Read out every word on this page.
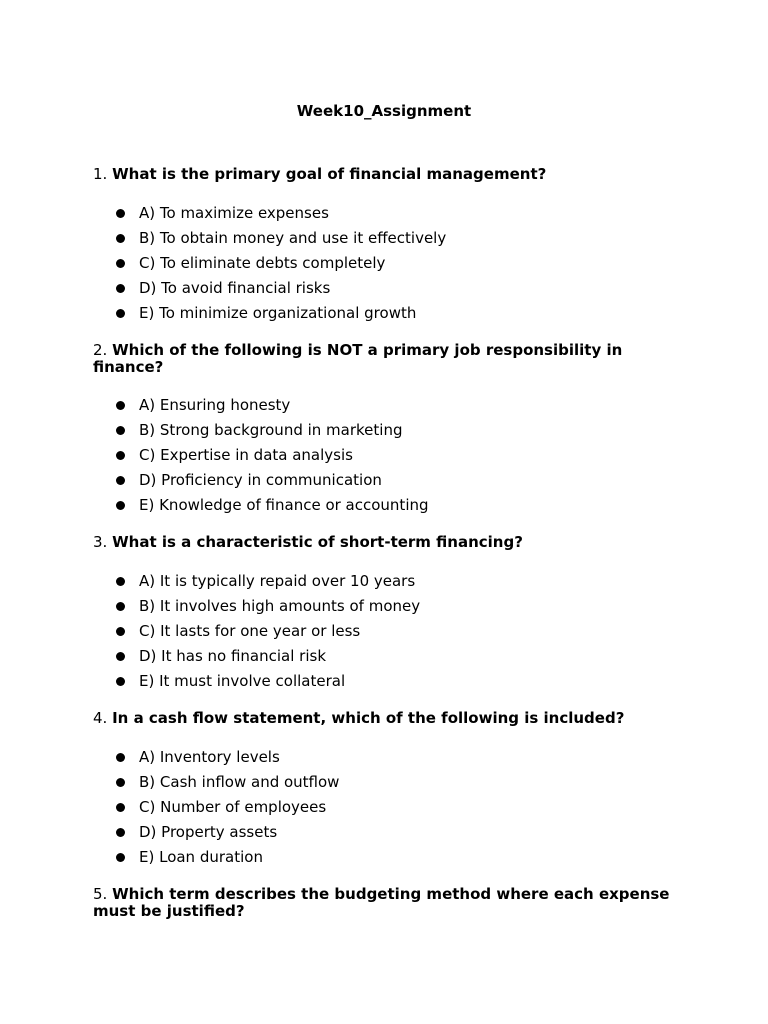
Week10_Assignment
1. What is the primary goal of financial management?
A) To maximize expenses
B) To obtain money and use it effectively
C) To eliminate debts completely
D) To avoid financial risks
E) To minimize organizational growth
2. Which of the following is NOT a primary job responsibility in finance?
A) Ensuring honesty
B) Strong background in marketing
C) Expertise in data analysis
D) Proficiency in communication
E) Knowledge of finance or accounting
3. What is a characteristic of short-term financing?
A) It is typically repaid over 10 years
B) It involves high amounts of money
C) It lasts for one year or less
D) It has no financial risk
E) It must involve collateral
4. In a cash flow statement, which of the following is included?
A) Inventory levels
B) Cash inflow and outflow
C) Number of employees
D) Property assets
E) Loan duration
5. Which term describes the budgeting method where each expense must be justified?
